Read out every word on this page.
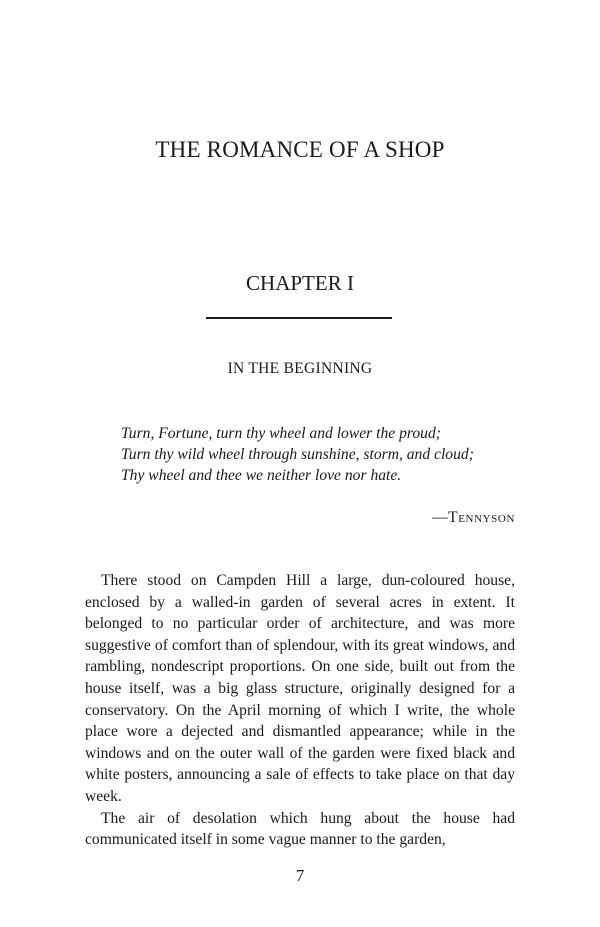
THE ROMANCE OF A SHOP
CHAPTER I
IN THE BEGINNING
Turn, Fortune, turn thy wheel and lower the proud;
Turn thy wild wheel through sunshine, storm, and cloud;
Thy wheel and thee we neither love nor hate.
—Tennyson

There stood on Campden Hill a large, dun-coloured house, enclosed by a walled-in garden of several acres in extent. It belonged to no particular order of architecture, and was more suggestive of comfort than of splendour, with its great windows, and rambling, nondescript proportions. On one side, built out from the house itself, was a big glass structure, originally designed for a conservatory. On the April morning of which I write, the whole place wore a dejected and dismantled appearance; while in the windows and on the outer wall of the garden were fixed black and white posters, announcing a sale of effects to take place on that day week.

The air of desolation which hung about the house had communicated itself in some vague manner to the garden,

7
